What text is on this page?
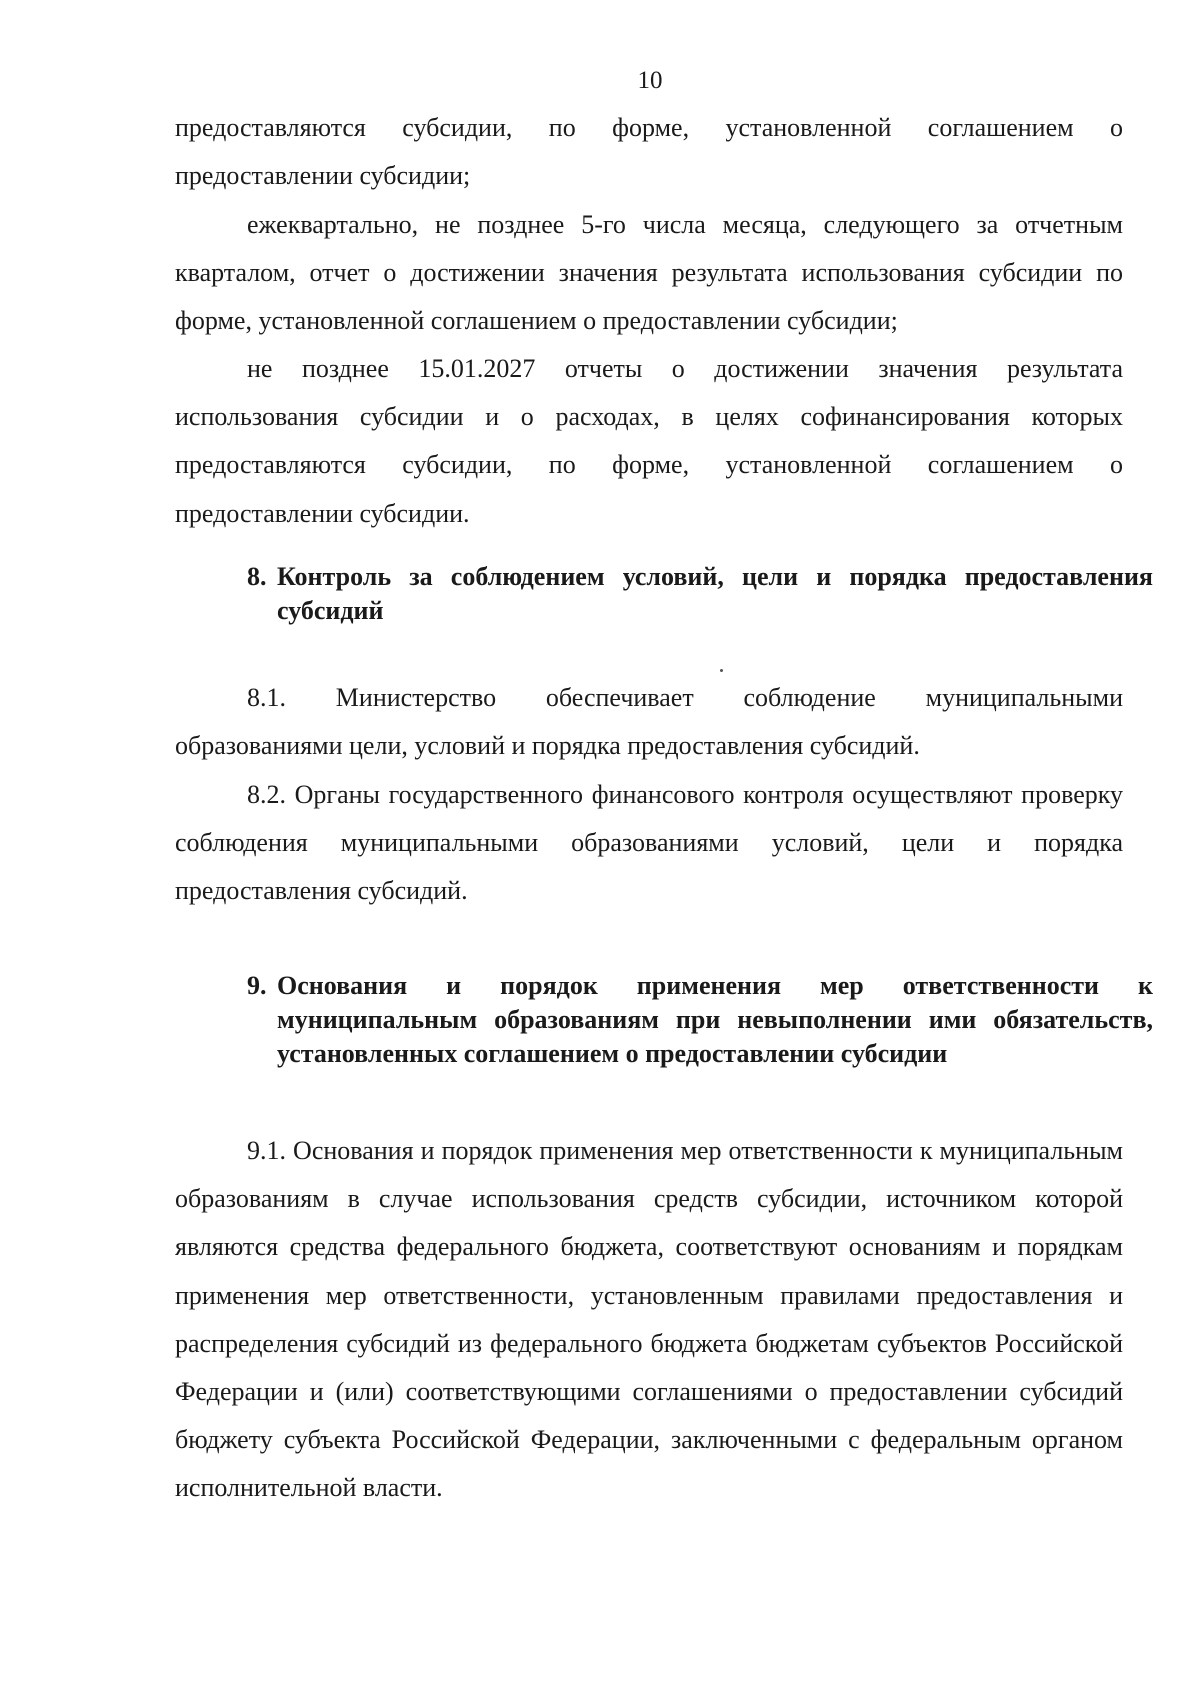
10

предоставляются субсидии, по форме, установленной соглашением о предоставлении субсидии;

ежеквартально, не позднее 5-го числа месяца, следующего за отчетным кварталом, отчет о достижении значения результата использования субсидии по форме, установленной соглашением о предоставлении субсидии;

не позднее 15.01.2027 отчеты о достижении значения результата использования субсидии и о расходах, в целях софинансирования которых предоставляются субсидии, по форме, установленной соглашением о предоставлении субсидии.

8. Контроль за соблюдением условий, цели и порядка предоставления субсидий

8.1. Министерство обеспечивает соблюдение муниципальными образованиями цели, условий и порядка предоставления субсидий.

8.2. Органы государственного финансового контроля осуществляют проверку соблюдения муниципальными образованиями условий, цели и порядка предоставления субсидий.

9. Основания и порядок применения мер ответственности к муниципальным образованиям при невыполнении ими обязательств, установленных соглашением о предоставлении субсидии

9.1. Основания и порядок применения мер ответственности к муниципальным образованиям в случае использования средств субсидии, источником которой являются средства федерального бюджета, соответствуют основаниям и порядкам применения мер ответственности, установленным правилами предоставления и распределения субсидий из федерального бюджета бюджетам субъектов Российской Федерации и (или) соответствующими соглашениями о предоставлении субсидий бюджету субъекта Российской Федерации, заключенными с федеральным органом исполнительной власти.
